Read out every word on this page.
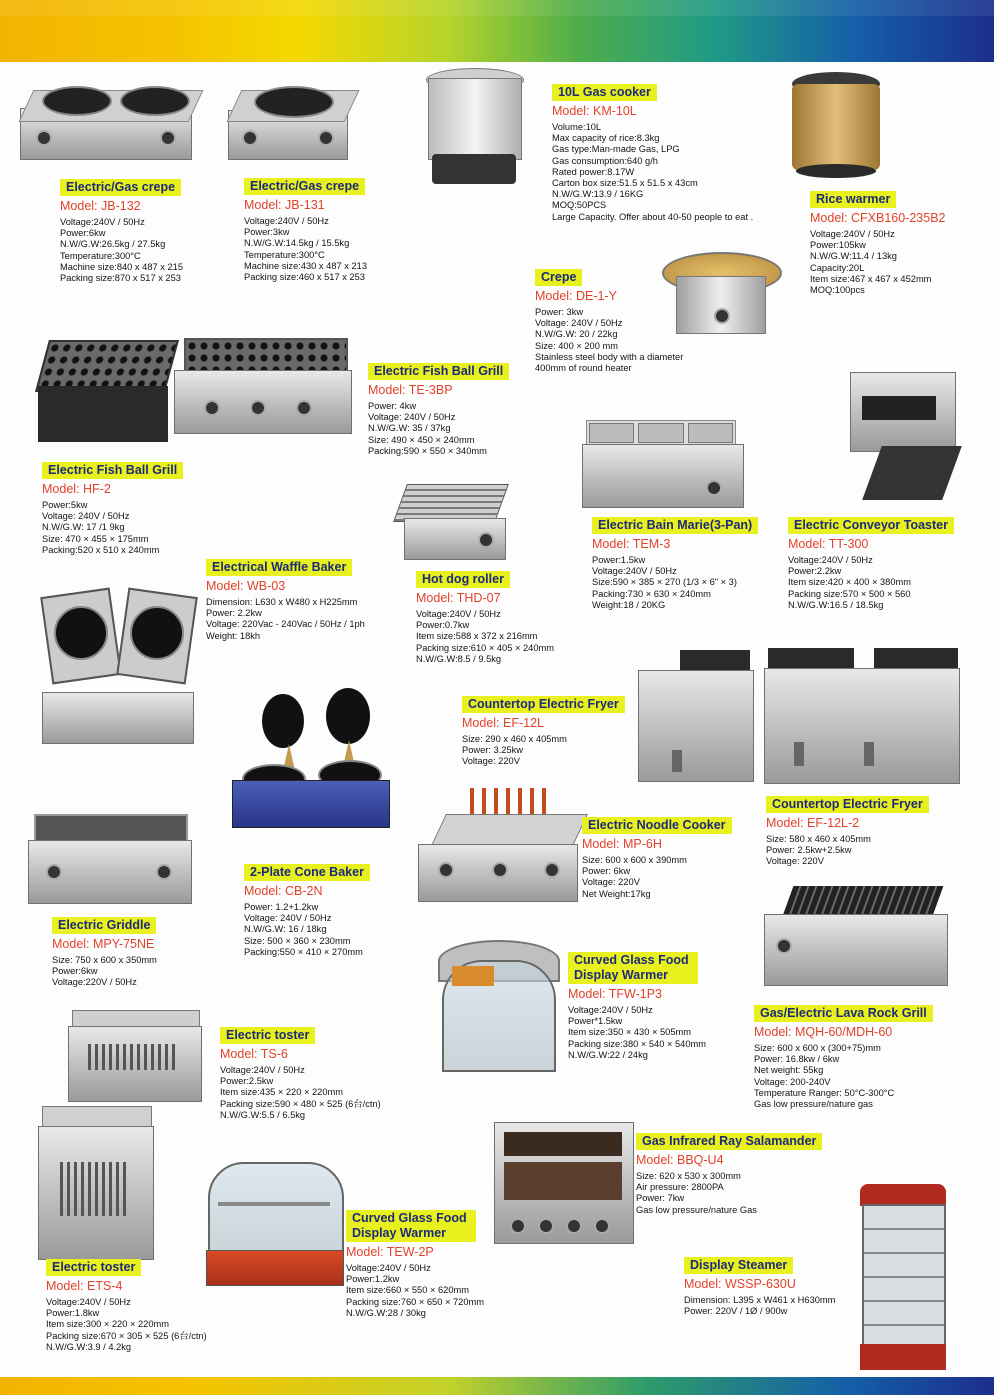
Electric/Gas crepe
Model: JB-132
Voltage:240V / 50Hz
Power:6kw
N.W/G.W:26.5kg / 27.5kg
Temperature:300°C
Machine size:840 x 487 x 215
Packing size:870 x 517 x 253
Electric/Gas crepe
Model: JB-131
Voltage:240V / 50Hz
Power:3kw
N.W/G.W:14.5kg / 15.5kg
Temperature:300°C
Machine size:430 x 487 x 213
Packing size:460 x 517 x 253
10L Gas cooker
Model: KM-10L
Volume:10L
Max capacity of rice:8.3kg
Gas type:Man-made Gas, LPG
Gas consumption:640 g/h
Rated power:8.17W
Carton box size:51.5 x 51.5 x 43cm
N.W/G.W:13.9 / 16KG
MOQ:50PCS
Large Capacity. Offer about 40-50 people to eat .
Rice warmer
Model: CFXB160-235B2
Voltage:240V / 50Hz
Power:105kw
N.W/G.W:11.4 / 13kg
Capacity:20L
Item size:467 x 467 x 452mm
MOQ:100pcs
Crepe
Model: DE-1-Y
Power: 3kw
Voltage: 240V / 50Hz
N.W/G.W: 20 / 22kg
Size: 400 × 200 mm
Stainless steel body with a diameter
400mm of round heater
Electric Fish Ball Grill
Model: TE-3BP
Power: 4kw
Voltage: 240V / 50Hz
N.W/G.W: 35 / 37kg
Size: 490 × 450 × 240mm
Packing:590 × 550 × 340mm
Electric Fish Ball Grill
Model: HF-2
Power:5kw
Voltage: 240V / 50Hz
N.W/G.W: 17 /1 9kg
Size: 470 × 455 × 175mm
Packing:520 x 510 x 240mm
Electric Bain Marie(3-Pan)
Model: TEM-3
Power:1.5kw
Voltage:240V / 50Hz
Size:590 × 385 × 270 (1/3 × 6" × 3)
Packing:730 × 630 × 240mm
Weight:18 / 20KG
Electric Conveyor Toaster
Model: TT-300
Voltage:240V / 50Hz
Power:2.2kw
Item size:420 × 400 × 380mm
Packing size:570 × 500 × 560
N.W/G.W:16.5 / 18.5kg
Electrical Waffle Baker
Model: WB-03
Dimension: L630 x W480 x H225mm
Power: 2.2kw
Voltage: 220Vac - 240Vac / 50Hz / 1ph
Weight: 18kh
Hot dog roller
Model: THD-07
Voltage:240V / 50Hz
Power:0.7kw
Item size:588 x 372 x 216mm
Packing size:610 × 405 × 240mm
N.W/G.W:8.5 / 9.5kg
Countertop Electric Fryer
Model: EF-12L
Size: 290 x 460 x 405mm
Power: 3.25kw
Voltage: 220V
Countertop Electric Fryer
Model: EF-12L-2
Size: 580 x 460 x 405mm
Power: 2.5kw+2.5kw
Voltage: 220V
Electric Noodle Cooker
Model: MP-6H
Size: 600 x 600 x 390mm
Power: 6kw
Voltage: 220V
Net Weight:17kg
2-Plate Cone Baker
Model: CB-2N
Power: 1.2+1.2kw
Voltage: 240V / 50Hz
N.W/G.W: 16 / 18kg
Size: 500 × 360 × 230mm
Packing:550 × 410 × 270mm
Electric Griddle
Model: MPY-75NE
Size: 750 x 600 x 350mm
Power:6kw
Voltage:220V / 50Hz
Curved Glass Food Display Warmer
Model: TFW-1P3
Voltage:240V / 50Hz
Power*1.5kw
Item size:350 × 430 × 505mm
Packing size:380 × 540 × 540mm
N.W/G.W:22 / 24kg
Gas/Electric Lava Rock Grill
Model: MQH-60/MDH-60
Size: 600 x 600 x (300+75)mm
Power: 16.8kw / 6kw
Net weight: 55kg
Voltage: 200-240V
Temperature Ranger: 50°C-300°C
Gas low pressure/nature gas
Electric toster
Model: TS-6
Voltage:240V / 50Hz
Power:2.5kw
Item size:435 × 220 × 220mm
Packing size:590 × 480 × 525 (6台/ctn)
N.W/G.W:5.5 / 6.5kg
Gas Infrared Ray Salamander
Model: BBQ-U4
Size: 620 x 530 x 300mm
Air pressure: 2800PA
Power: 7kw
Gas low pressure/nature Gas
Curved Glass Food Display Warmer
Model: TEW-2P
Voltage:240V / 50Hz
Power:1.2kw
Item size:660 × 550 × 620mm
Packing size:760 × 650 × 720mm
N.W/G.W:28 / 30kg
Electric toster
Model: ETS-4
Voltage:240V / 50Hz
Power:1.8kw
Item size:300 × 220 × 220mm
Packing size:670 × 305 × 525 (6台/ctn)
N.W/G.W:3.9 / 4.2kg
Display Steamer
Model: WSSP-630U
Dimension: L395 x W461 x H630mm
Power: 220V / 1Ø / 900w
